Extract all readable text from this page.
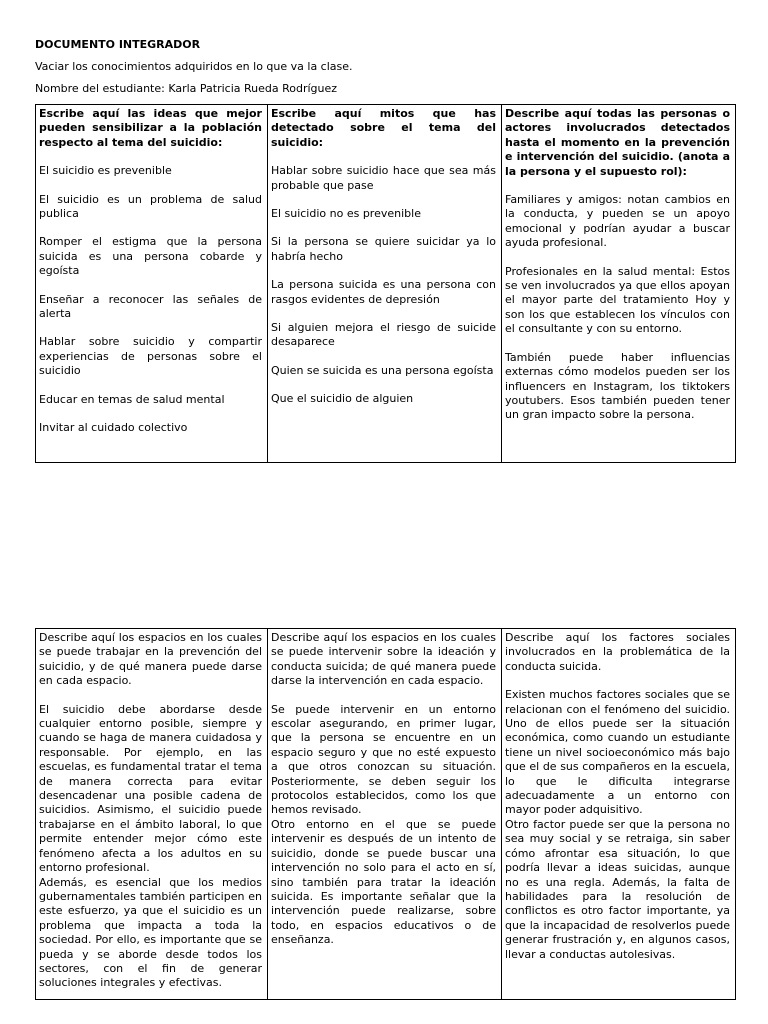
DOCUMENTO INTEGRADOR
Vaciar los conocimientos adquiridos en lo que va la clase.
Nombre del estudiante: Karla Patricia Rueda Rodríguez
Escribe aquí las ideas que mejor pueden sensibilizar a la población respecto al tema del suicidio:
El suicidio es prevenible
El suicidio es un problema de salud publica
Romper el estigma que la persona suicida es una persona cobarde y egoísta
Enseñar a reconocer las señales de alerta
Hablar sobre suicidio y compartir experiencias de personas sobre el suicidio
Educar en temas de salud mental
Invitar al cuidado colectivo

Escribe aquí mitos que has detectado sobre el tema del suicidio:
Hablar sobre suicidio hace que sea más probable que pase
El suicidio no es prevenible
Si la persona se quiere suicidar ya lo habría hecho
La persona suicida es una persona con rasgos evidentes de depresión
Si alguien mejora el riesgo de suicide desaparece
Quien se suicida es una persona egoísta
Que el suicidio de alguien

Describe aquí todas las personas o actores involucrados detectados hasta el momento en la prevención e intervención del suicidio. (anota a la persona y el supuesto rol):
Familiares y amigos: notan cambios en la conducta, y pueden se un apoyo emocional y podrían ayudar a buscar ayuda profesional.
Profesionales en la salud mental: Estos se ven involucrados ya que ellos apoyan el mayor parte del tratamiento Hoy y son los que establecen los vínculos con el consultante y con su entorno.
También puede haber influencias externas cómo modelos pueden ser los influencers en Instagram, los tiktokers youtubers. Esos también pueden tener un gran impacto sobre la persona.
Describe aquí los espacios en los cuales se puede trabajar en la prevención del suicidio, y de qué manera puede darse en cada espacio.
El suicidio debe abordarse desde cualquier entorno posible, siempre y cuando se haga de manera cuidadosa y responsable. Por ejemplo, en las escuelas, es fundamental tratar el tema de manera correcta para evitar desencadenar una posible cadena de suicidios. Asimismo, el suicidio puede trabajarse en el ámbito laboral, lo que permite entender mejor cómo este fenómeno afecta a los adultos en su entorno profesional.
Además, es esencial que los medios gubernamentales también participen en este esfuerzo, ya que el suicidio es un problema que impacta a toda la sociedad. Por ello, es importante que se pueda y se aborde desde todos los sectores, con el fin de generar soluciones integrales y efectivas.

Describe aquí los espacios en los cuales se puede intervenir sobre la ideación y conducta suicida; de qué manera puede darse la intervención en cada espacio.
Se puede intervenir en un entorno escolar asegurando, en primer lugar, que la persona se encuentre en un espacio seguro y que no esté expuesto a que otros conozcan su situación. Posteriormente, se deben seguir los protocolos establecidos, como los que hemos revisado.
Otro entorno en el que se puede intervenir es después de un intento de suicidio, donde se puede buscar una intervención no solo para el acto en sí, sino también para tratar la ideación suicida. Es importante señalar que la intervención puede realizarse, sobre todo, en espacios educativos o de enseñanza.

Describe aquí los factores sociales involucrados en la problemática de la conducta suicida.
Existen muchos factores sociales que se relacionan con el fenómeno del suicidio. Uno de ellos puede ser la situación económica, como cuando un estudiante tiene un nivel socioeconómico más bajo que el de sus compañeros en la escuela, lo que le dificulta integrarse adecuadamente a un entorno con mayor poder adquisitivo.
Otro factor puede ser que la persona no sea muy social y se retraiga, sin saber cómo afrontar esa situación, lo que podría llevar a ideas suicidas, aunque no es una regla. Además, la falta de habilidades para la resolución de conflictos es otro factor importante, ya que la incapacidad de resolverlos puede generar frustración y, en algunos casos, llevar a conductas autolesivas.
